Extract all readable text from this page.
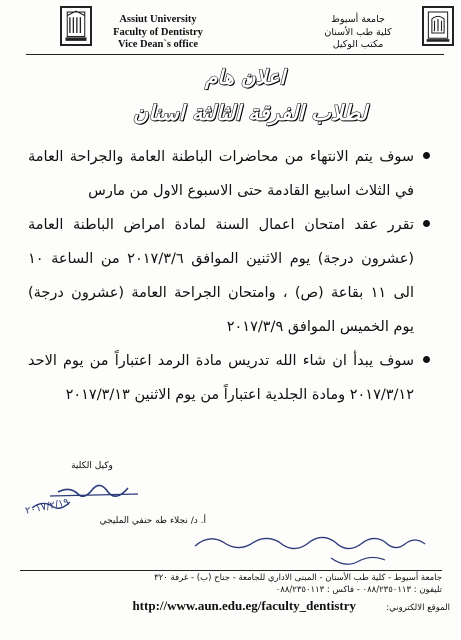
Assiut University
Faculty of Dentistry
Vice Dean`s office
جامعة أسيوط
كلية طب الأسنان
مكتب الوكيل
اعلان هام
لطلاب الفرقة الثالثة اسنان
سوف يتم الانتهاء من محاضرات الباطنة العامة والجراحة العامة في الثلاث اسابيع القادمة حتى الاسبوع الاول من مارس
تقرر عقد امتحان اعمال السنة لمادة امراض الباطنة العامة (عشرون درجة) يوم الاثنين الموافق ٢٠١٧/٣/٦ من الساعة ١٠ الى ١١ بقاعة (ص) ، وامتحان الجراحة العامة (عشرون درجة) يوم الخميس الموافق ٢٠١٧/٣/٩
سوف يبدأ ان شاء الله تدريس مادة الرمد اعتباراً من يوم الاحد ٢٠١٧/٣/١٢ ومادة الجلدية اعتباراً من يوم الاثنين ٢٠١٧/٣/١٣
وكيل الكلية
٢٠١٧/٢/١٩
أ. د/ نجلاء طه حنفي المليجي
يعلن للطلاب ع الموقع الإلكتروني
جامعة أسيوط - كلية طب الأسنان - المبنى الاداري للجامعة - جناح (ب) - غرفة ٣٢٠
تليفون : ٠٨٨/٢٣٥٠١١٣ - فاكس : ٠٨٨/٢٣٥٠١١٣
الموقع الالكتروني:
http://www.aun.edu.eg/faculty_dentistry
